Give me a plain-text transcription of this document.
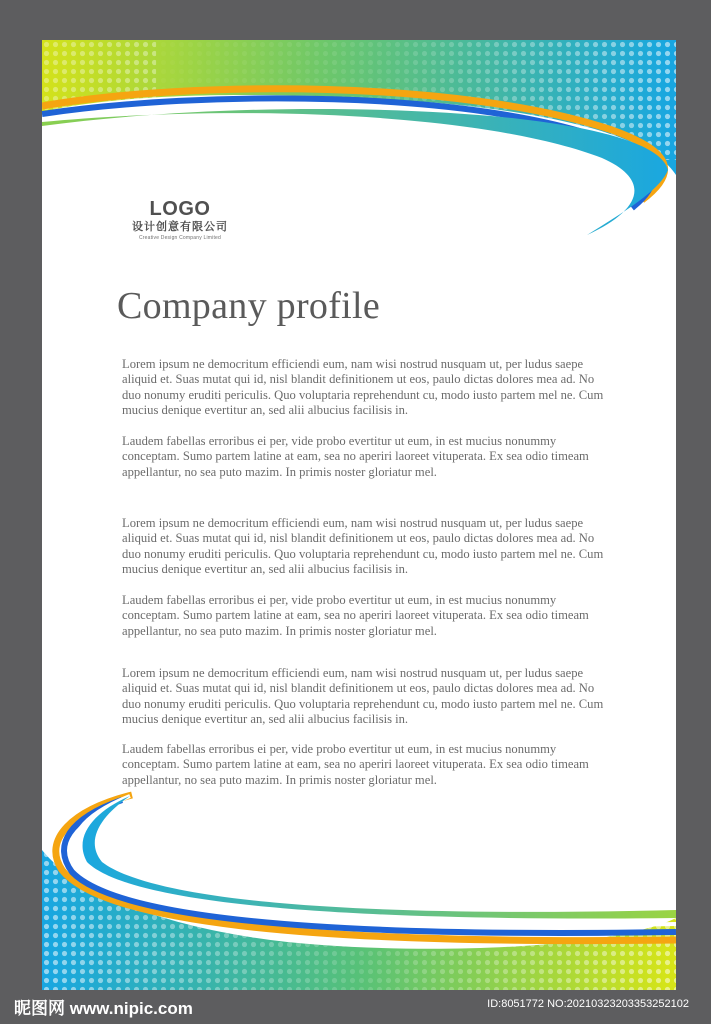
LOGO
设计创意有限公司
Creative Design Company Limited
Company profile

Lorem ipsum ne democritum efficiendi eum, nam wisi nostrud nusquam ut, per ludus saepe aliquid et. Suas mutat qui id, nisl blandit definitionem ut eos, paulo dictas dolores mea ad. No duo nonumy eruditi periculis. Quo voluptaria reprehendunt cu, modo iusto partem mel ne. Cum mucius denique evertitur an, sed alii albucius facilisis in.

Laudem fabellas erroribus ei per, vide probo evertitur ut eum, in est mucius nonummy conceptam. Sumo partem latine at eam, sea no aperiri laoreet vituperata. Ex sea odio timeam appellantur, no sea puto mazim. In primis noster gloriatur mel.

Lorem ipsum ne democritum efficiendi eum, nam wisi nostrud nusquam ut, per ludus saepe aliquid et. Suas mutat qui id, nisl blandit definitionem ut eos, paulo dictas dolores mea ad. No duo nonumy eruditi periculis. Quo voluptaria reprehendunt cu, modo iusto partem mel ne. Cum mucius denique evertitur an, sed alii albucius facilisis in.

Laudem fabellas erroribus ei per, vide probo evertitur ut eum, in est mucius nonummy conceptam. Sumo partem latine at eam, sea no aperiri laoreet vituperata. Ex sea odio timeam appellantur, no sea puto mazim. In primis noster gloriatur mel.

Lorem ipsum ne democritum efficiendi eum, nam wisi nostrud nusquam ut, per ludus saepe aliquid et. Suas mutat qui id, nisl blandit definitionem ut eos, paulo dictas dolores mea ad. No duo nonumy eruditi periculis. Quo voluptaria reprehendunt cu, modo iusto partem mel ne. Cum mucius denique evertitur an, sed alii albucius facilisis in.

Laudem fabellas erroribus ei per, vide probo evertitur ut eum, in est mucius nonummy conceptam. Sumo partem latine at eam, sea no aperiri laoreet vituperata. Ex sea odio timeam appellantur, no sea puto mazim. In primis noster gloriatur mel.

昵图网 www.nipic.com	ID:8051772 NO:20210323203353252102
